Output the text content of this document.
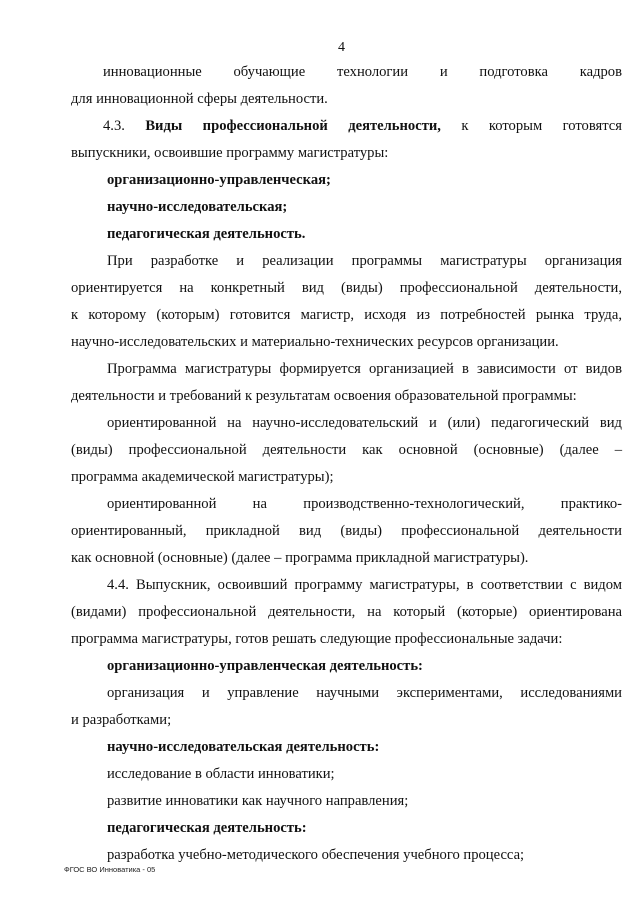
4
инновационные обучающие технологии и подготовка кадров
для инновационной сферы деятельности.
4.3. Виды профессиональной деятельности, к которым готовятся
выпускники, освоившие программу магистратуры:
организационно-управленческая;
научно-исследовательская;
педагогическая деятельность.
При разработке и реализации программы магистратуры организация
ориентируется на конкретный вид (виды) профессиональной деятельности,
к которому (которым) готовится магистр, исходя из потребностей рынка труда,
научно-исследовательских и материально-технических ресурсов организации.
Программа магистратуры формируется организацией в зависимости от видов
деятельности и требований к результатам освоения образовательной программы:
ориентированной на научно-исследовательский и (или) педагогический вид
(виды) профессиональной деятельности как основной (основные) (далее –
программа академической магистратуры);
ориентированной на производственно-технологический, практико-
ориентированный, прикладной вид (виды) профессиональной деятельности
как основной (основные) (далее – программа прикладной магистратуры).
4.4. Выпускник, освоивший программу магистратуры, в соответствии с видом
(видами) профессиональной деятельности, на который (которые) ориентирована
программа магистратуры, готов решать следующие профессиональные задачи:
организационно-управленческая деятельность:
организация и управление научными экспериментами, исследованиями
и разработками;
научно-исследовательская деятельность:
исследование в области инноватики;
развитие инноватики как научного направления;
педагогическая деятельность:
разработка учебно-методического обеспечения учебного процесса;
ФГОС ВО Инноватика - 05
